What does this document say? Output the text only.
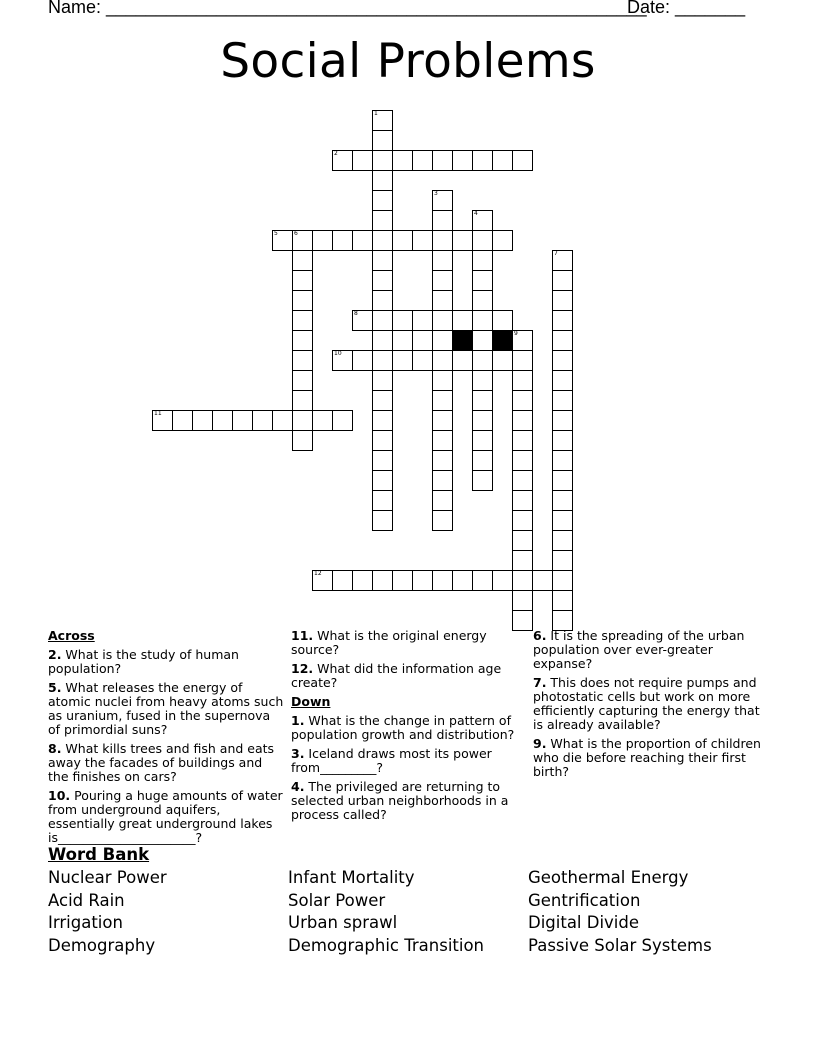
Name: ______________________________________________________
Date: _______
Social Problems
1
2
3
4
5	6
7
8
9
10
11
12
Across
2. What is the study of human population?
5. What releases the energy of atomic nuclei from heavy atoms such as uranium, fused in the supernova of primordial suns?
8. What kills trees and fish and eats away the facades of buildings and the finishes on cars?
10. Pouring a huge amounts of water from underground aquifers, essentially great underground lakes is______________________?
11. What is the original energy source?
12. What did the information age create?
Down
1. What is the change in pattern of population growth and distribution?
3. Iceland draws most its power from_________?
4. The privileged are returning to selected urban neighborhoods in a process called?
6. It is the spreading of the urban population over ever-greater expanse?
7. This does not require pumps and photostatic cells but work on more efficiently capturing the energy that is already available?
9. What is the proportion of children who die before reaching their first birth?
Word Bank
Nuclear Power
Acid Rain
Irrigation
Demography
Infant Mortality
Solar Power
Urban sprawl
Demographic Transition
Geothermal Energy
Gentrification
Digital Divide
Passive Solar Systems
